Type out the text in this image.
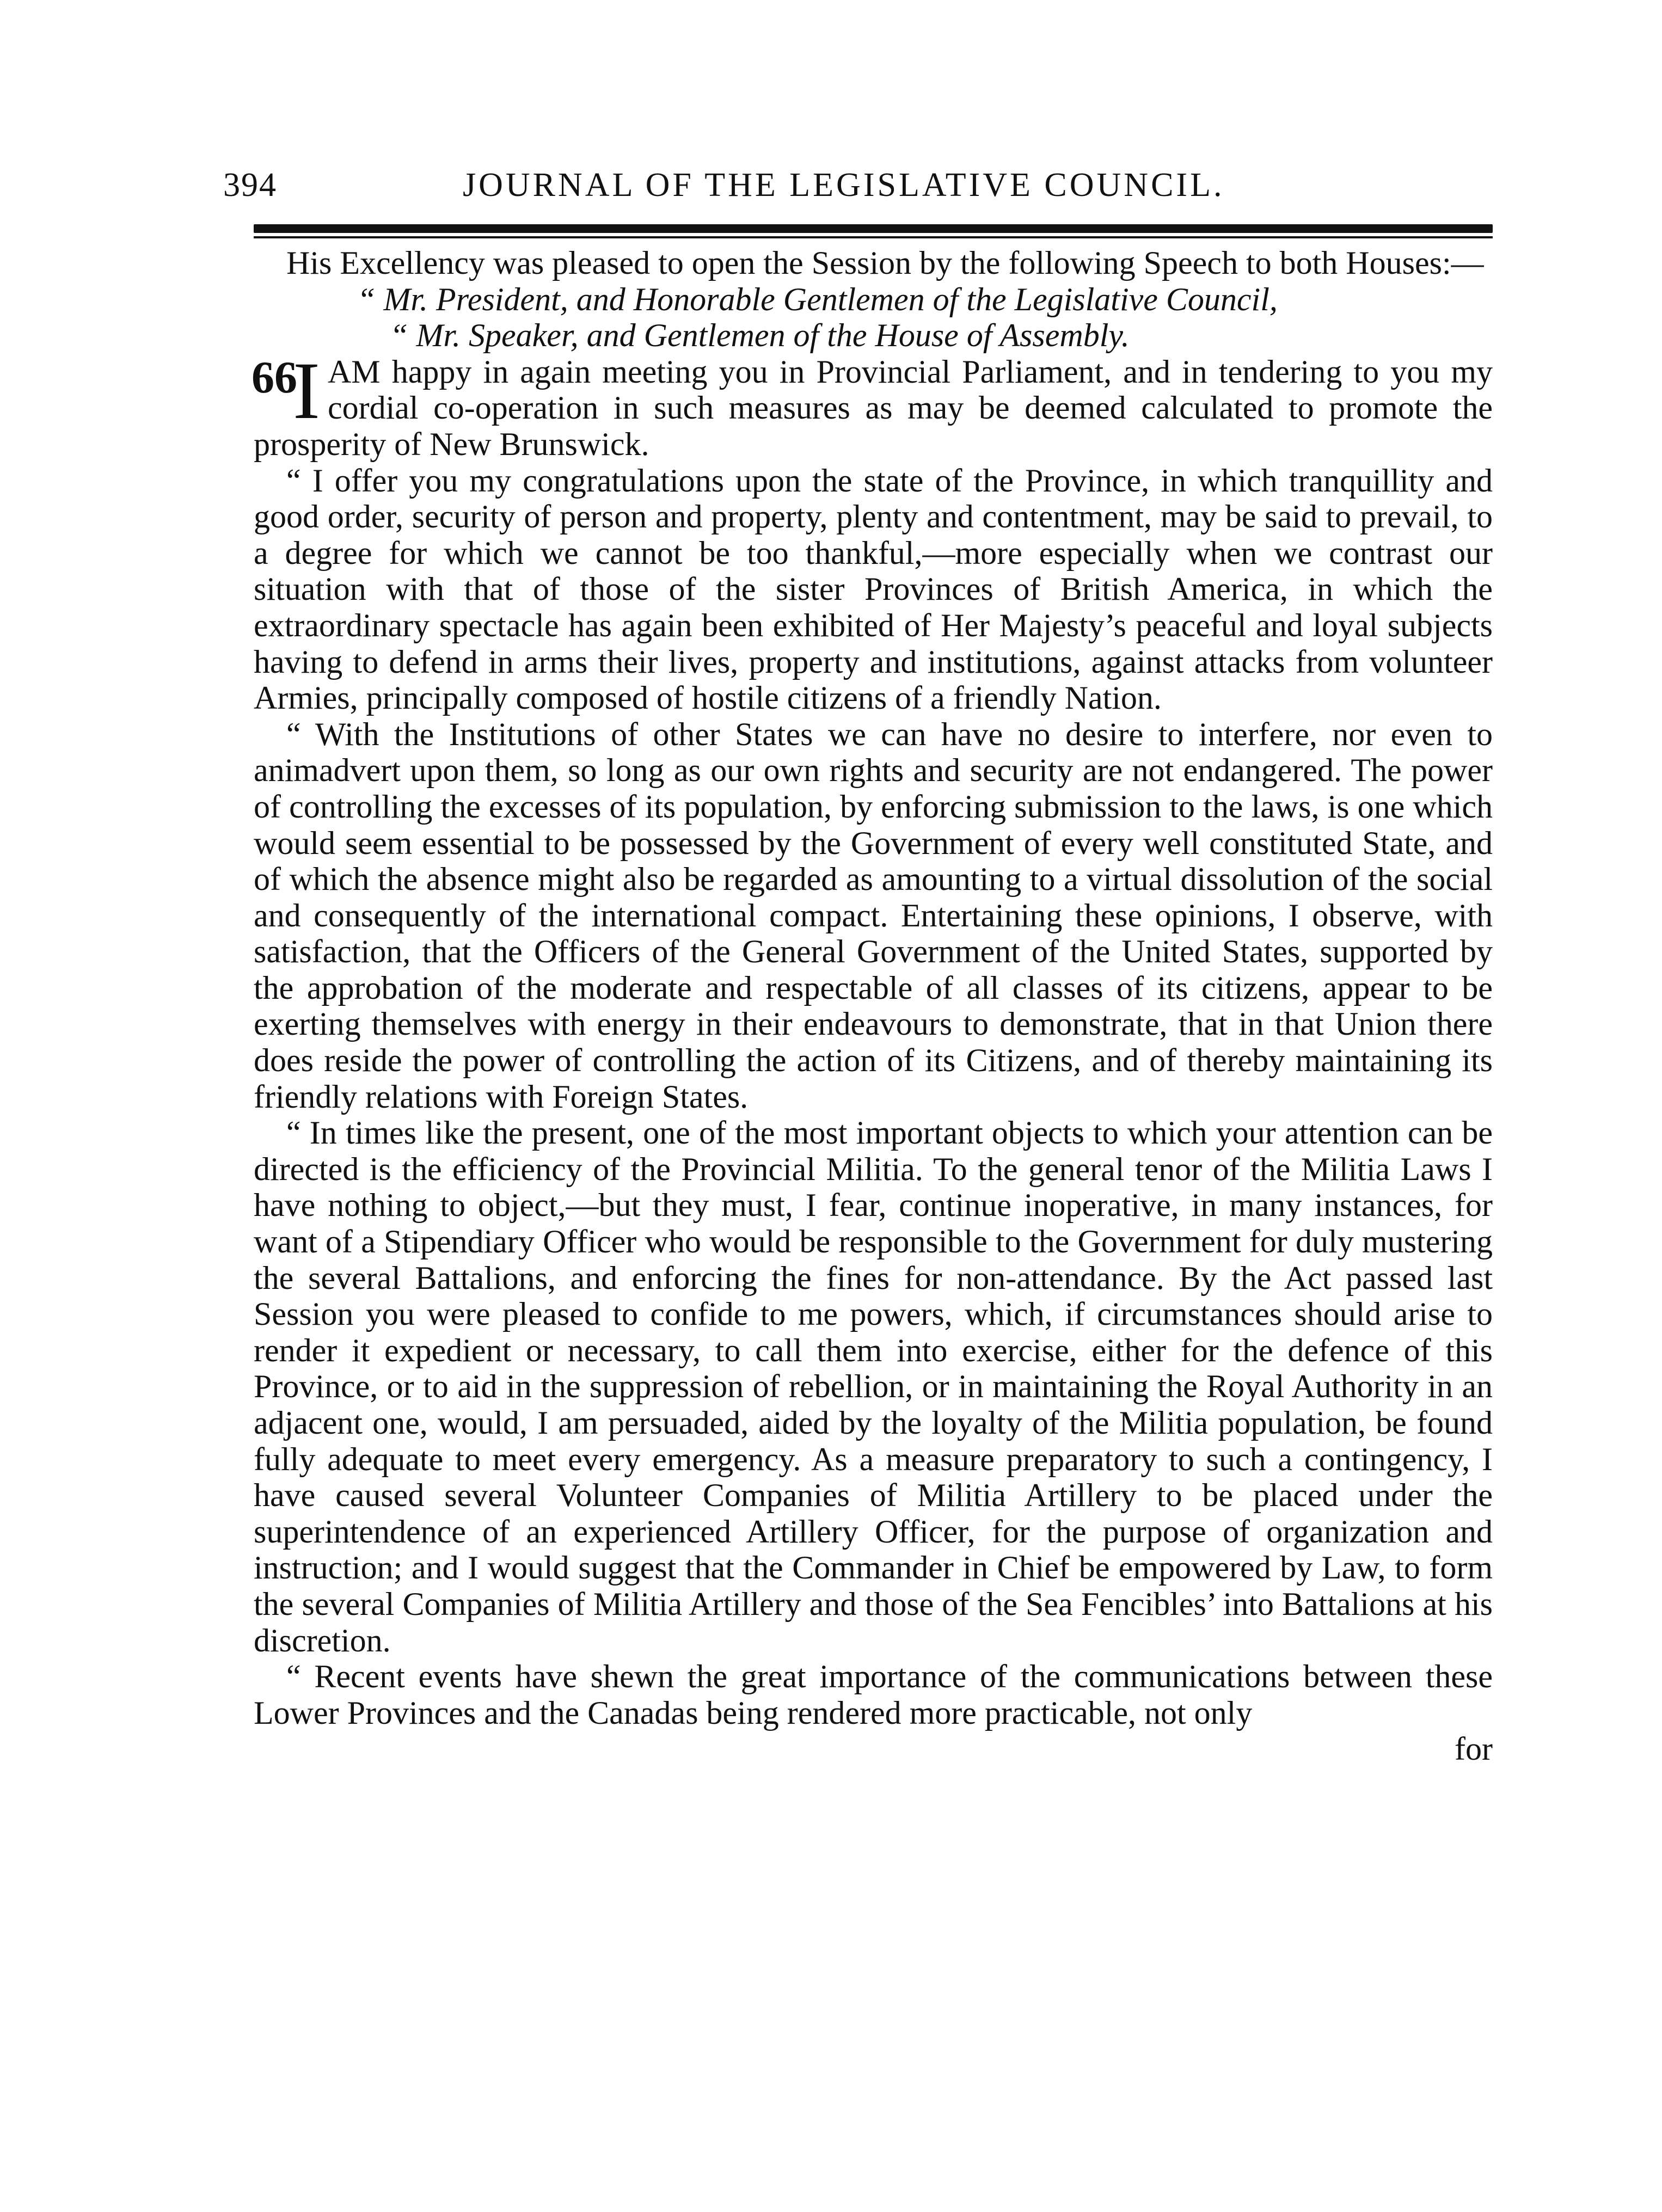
394	JOURNAL OF THE LEGISLATIVE COUNCIL.

His Excellency was pleased to open the Session by the following Speech to both Houses:—

“ Mr. President, and Honorable Gentlemen of the Legislative Council,

“ Mr. Speaker, and Gentlemen of the House of Assembly.

66
I AM happy in again meeting you in Provincial Parliament, and in tendering to you my cordial co-operation in such measures as may be deemed calculated to promote the prosperity of New Brunswick.

“ I offer you my congratulations upon the state of the Province, in which tranquillity and good order, security of person and property, plenty and contentment, may be said to prevail, to a degree for which we cannot be too thankful,—more especially when we contrast our situation with that of those of the sister Provinces of British America, in which the extraordinary spectacle has again been exhibited of Her Majesty’s peaceful and loyal subjects having to defend in arms their lives, property and institutions, against attacks from volunteer Armies, principally composed of hostile citizens of a friendly Nation.

“ With the Institutions of other States we can have no desire to interfere, nor even to animadvert upon them, so long as our own rights and security are not endangered. The power of controlling the excesses of its population, by enforcing submission to the laws, is one which would seem essential to be possessed by the Government of every well constituted State, and of which the absence might also be regarded as amounting to a virtual dissolution of the social and consequently of the international compact. Entertaining these opinions, I observe, with satisfaction, that the Officers of the General Government of the United States, supported by the approbation of the moderate and respectable of all classes of its citizens, appear to be exerting themselves with energy in their endeavours to demonstrate, that in that Union there does reside the power of controlling the action of its Citizens, and of thereby maintaining its friendly relations with Foreign States.

“ In times like the present, one of the most important objects to which your attention can be directed is the efficiency of the Provincial Militia. To the general tenor of the Militia Laws I have nothing to object,—but they must, I fear, continue inoperative, in many instances, for want of a Stipendiary Officer who would be responsible to the Government for duly mustering the several Battalions, and enforcing the fines for non-attendance. By the Act passed last Session you were pleased to confide to me powers, which, if circumstances should arise to render it expedient or necessary, to call them into exercise, either for the defence of this Province, or to aid in the suppression of rebellion, or in maintaining the Royal Authority in an adjacent one, would, I am persuaded, aided by the loyalty of the Militia population, be found fully adequate to meet every emergency. As a measure preparatory to such a contingency, I have caused several Volunteer Companies of Militia Artillery to be placed under the superintendence of an experienced Artillery Officer, for the purpose of organization and instruction; and I would suggest that the Commander in Chief be empowered by Law, to form the several Companies of Militia Artillery and those of the Sea Fencibles’ into Battalions at his discretion.

“ Recent events have shewn the great importance of the communications between these Lower Provinces and the Canadas being rendered more practicable, not only

for
